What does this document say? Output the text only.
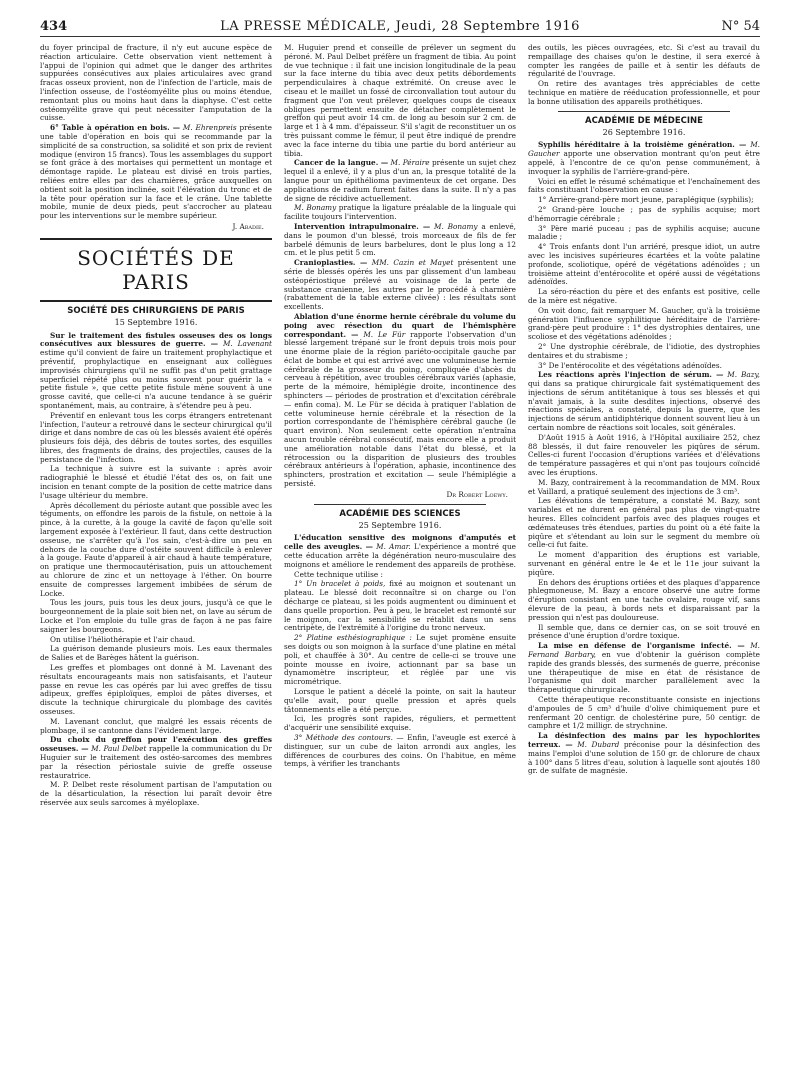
434	LA PRESSE MÉDICALE, Jeudi, 28 Septembre 1916	N° 54

du foyer principal de fracture, il n'y eut aucune espèce de réaction articulaire. Cette observation vient nettement à l'appui de l'opinion qui admet que le danger des arthrites suppurées consécutives aux plaies articulaires avec grand fracas osseux provient, non de l'infection de l'article, mais de l'infection osseuse, de l'ostéomyélite plus ou moins étendue, remontant plus ou moins haut dans la diaphyse. C'est cette ostéomyélite grave qui peut nécessiter l'amputation de la cuisse.

6° Table à opération en bois. — M. Ehrenpreis présente une table d'opération en bois qui se recommande par la simplicité de sa construction, sa solidité et son prix de revient modique (environ 15 francs). Tous les assemblages du support se font grâce à des mortaises qui permettent un montage et démontage rapide. Le plateau est divisé en trois parties, reliées entre elles par des charnières, grâce auxquelles on obtient soit la position inclinée, soit l'élévation du tronc et de la tête pour opération sur la face et le crâne. Une tablette mobile, munie de deux pieds, peut s'accrocher au plateau pour les interventions sur le membre supérieur.

J. Abadie.
SOCIÉTÉS DE PARIS
SOCIÉTÉ DES CHIRURGIENS DE PARIS
15 Septembre 1916.

Sur le traitement des fistules osseuses des os longs consécutives aux blessures de guerre. — M. Lavenant estime qu'il convient de faire un traitement prophylactique et préventif, prophylactique en enseignant aux collègues improvisés chirurgiens qu'il ne suffit pas d'un petit grattage superficiel répété plus ou moins souvent pour guérir la « petite fistule », que cette petite fistule mène souvent à une grosse cavité, que celle-ci n'a aucune tendance à se guérir spontanément, mais, au contraire, à s'étendre peu à peu.

Préventif en enlevant tous les corps étrangers entretenant l'infection, l'auteur a retrouvé dans le secteur chirurgical qu'il dirige et dans nombre de cas où les blessés avaient été opérés plusieurs fois déjà, des débris de toutes sortes, des esquilles libres, des fragments de drains, des projectiles, causes de la persistance de l'infection.

La technique à suivre est la suivante : après avoir radiographié le blessé et étudié l'état des os, on fait une incision en tenant compte de la position de cette matrice dans l'usage ultérieur du membre.

Après décollement du périoste autant que possible avec les téguments, on effondre les parois de la fistule, on nettoie à la pince, à la curette, à la gouge la cavité de façon qu'elle soit largement exposée à l'extérieur. Il faut, dans cette destruction osseuse, ne s'arrêter qu'à l'os sain, c'est-à-dire un peu en dehors de la couche dure d'ostéite souvent difficile à enlever à la gouge. Faute d'appareil à air chaud à haute température, on pratique une thermocautérisation, puis un attouchement au chlorure de zinc et un nettoyage à l'éther. On bourre ensuite de compresses largement imbibées de sérum de Locke.

Tous les jours, puis tous les deux jours, jusqu'à ce que le bourgeonnement de la plaie soit bien net, on lave au sérum de Locke et l'on emploie du tulle gras de façon à ne pas faire saigner les bourgeons.

On utilise l'héliothérapie et l'air chaud.

La guérison demande plusieurs mois. Les eaux thermales de Salies et de Barèges hâtent la guérison.

Les greffes et plombages ont donné à M. Lavenant des résultats encourageants mais non satisfaisants, et l'auteur passe en revue les cas opérés par lui avec greffes de tissu adipeux, greffes épiploïques, emploi de pâtes diverses, et discute la technique chirurgicale du plombage des cavités osseuses.

M. Lavenant conclut, que malgré les essais récents de plombage, il se cantonne dans l'évidement large.

Du choix du greffon pour l'exécution des greffes osseuses. — M. Paul Delbet rappelle la communication du Dr Huguier sur le traitement des ostéo-sarcomes des membres par la résection périostale suivie de greffe osseuse restauratrice.

M. P. Delbet reste résolument partisan de l'amputation ou de la désarticulation, la résection lui paraît devoir être réservée aux seuls sarcomes à myéloplaxe.

M. Huguier prend et conseille de prélever un segment du péroné. M. Paul Delbet préfère un fragment de tibia. Au point de vue technique : il fait une incision longitudinale de la peau sur la face interne du tibia avec deux petits débordements perpendiculaires à chaque extrémité. On creuse avec le ciseau et le maillet un fossé de circonvallation tout autour du fragment que l'on veut prélever, quelques coups de ciseaux obliques permettent ensuite de détacher complètement le greffon qui peut avoir 14 cm. de long au besoin sur 2 cm. de large et 1 à 4 mm. d'épaisseur. S'il s'agit de reconstituer un os très puissant comme le fémur, il peut être indiqué de prendre avec la face interne du tibia une partie du bord antérieur au tibia.

Cancer de la langue. — M. Péraire présente un sujet chez lequel il a enlevé, il y a plus d'un an, la presque totalité de la langue pour un épithélioma pavimenteux de cet organe. Des applications de radium furent faites dans la suite. Il n'y a pas de signe de récidive actuellement.

M. Bonamy pratique la ligature préalable de la linguale qui facilite toujours l'intervention.

Intervention intrapulmonaire. — M. Bonamy a enlevé, dans le poumon d'un blessé, trois morceaux de fils de fer barbelé démunis de leurs barbelures, dont le plus long a 12 cm. et le plus petit 5 cm.

Cranioplasties. — MM. Cazin et Mayet présentent une série de blessés opérés les uns par glissement d'un lambeau ostéopériostique prélevé au voisinage de la perte de substance cranienne, les autres par le procédé à charnière (rabattement de la table externe clivée) : les résultats sont excellents.

Ablation d'une énorme hernie cérébrale du volume du poing avec résection du quart de l'hémisphère correspondant. — M. Le Für rapporte l'observation d'un blessé largement trépané sur le front depuis trois mois pour une énorme plaie de la région pariéto-occipitale gauche par éclat de bombe et qui est arrivé avec une volumineuse hernie cérébrale de la grosseur du poing, compliquée d'abcès du cerveau à répétition, avec troubles cérébraux variés (aphasie, perte de la mémoire, hémiplégie droite, incontinence des sphincters — périodes de prostration et d'excitation cérébrale — enfin coma). M. Le Für se décida à pratiquer l'ablation de cette volumineuse hernie cérébrale et la résection de la portion correspondante de l'hémisphère cérébral gauche (le quart environ). Non seulement cette opération n'entraîna aucun trouble cérébral consécutif, mais encore elle a produit une amélioration notable dans l'état du blessé, et la rétrocession ou la disparition de plusieurs des troubles cérébraux antérieurs à l'opération, aphasie, incontinence des sphincters, prostration et excitation — seule l'hémiplégie a persisté.

Dr Robert Loewy.
ACADÉMIE DES SCIENCES
25 Septembre 1916.

L'éducation sensitive des moignons d'amputés et celle des aveugles. — M. Amar. L'expérience a montré que cette éducation arrête la dégénération neuro-musculaire des moignons et améliore le rendement des appareils de prothèse.

Cette technique utilise :

1° Un bracelet à poids, fixé au moignon et soutenant un plateau. Le blessé doit reconnaître si on charge ou l'on décharge ce plateau, si les poids augmentent ou diminuent et dans quelle proportion. Peu à peu, le bracelet est remonté sur le moignon, car la sensibilité se rétablit dans un sens centripète, de l'extrémité à l'origine du tronc nerveux.

2° Platine esthésiographique : Le sujet promène ensuite ses doigts ou son moignon à la surface d'une platine en métal poli, et chauffée à 30°. Au centre de celle-ci se trouve une pointe mousse en ivoire, actionnant par sa base un dynamomètre inscripteur, et réglée par une vis micrométrique.

Lorsque le patient a décelé la pointe, on sait la hauteur qu'elle avait, pour quelle pression et après quels tâtonnements elle a été perçue.

Ici, les progrès sont rapides, réguliers, et permettent d'acquérir une sensibilité exquise.

3° Méthode des contours. — Enfin, l'aveugle est exercé à distinguer, sur un cube de laiton arrondi aux angles, les différences de courbures des coins. On l'habitue, en même temps, à vérifier les tranchants

des outils, les pièces ouvragées, etc. Si c'est au travail du rempaillage des chaises qu'on le destine, il sera exercé à compter les rangées de paille et à sentir les défauts de régularité de l'ouvrage.

On retire des avantages très appréciables de cette technique en matière de rééducation professionnelle, et pour la bonne utilisation des appareils prothétiques.

ACADÉMIE DE MÉDECINE
26 Septembre 1916.

Syphilis héréditaire à la troisième génération. — M. Gaucher apporte une observation montrant qu'on peut être appelé, à l'encontre de ce qu'on pense communément, à invoquer la syphilis de l'arrière-grand-père.

Voici en effet le résumé schématique et l'enchaînement des faits constituant l'observation en cause :

1° Arrière-grand-père mort jeune, paraplégique (syphilis);

2° Grand-père louche ; pas de syphilis acquise; mort d'hémorragie cérébrale ;

3° Père marié puceau ; pas de syphilis acquise; aucune maladie ;

4° Trois enfants dont l'un arriéré, presque idiot, un autre avec les incisives supérieures écartées et la voûte palatine profonde, scoliotique, opéré de végétations adénoïdes ; un troisième atteint d'entérocolite et opéré aussi de végétations adénoïdes.

La séro-réaction du père et des enfants est positive, celle de la mère est négative.

On voit donc, fait remarquer M. Gaucher, qu'à la troisième génération l'influence syphilitique héréditaire de l'arrière-grand-père peut produire : 1° des dystrophies dentaires, une scoliose et des végétations adénoïdes ;

2° Une dystrophie cérébrale, de l'idiotie, des dystrophies dentaires et du strabisme ;

3° De l'entérocolite et des végétations adénoïdes.

Les réactions après l'injection de sérum. — M. Bazy, qui dans sa pratique chirurgicale fait systématiquement des injections de sérum antitétanique à tous ses blessés et qui n'avait jamais, à la suite desdites injections, observé des réactions spéciales, a constaté, depuis la guerre, que les injections de sérum antidiphtérique donnent souvent lieu à un certain nombre de réactions soit locales, soit générales.

D'Août 1915 à Août 1916, à l'Hôpital auxiliaire 252, chez 88 blessés, il dut faire renouveler les piqûres de sérum. Celles-ci furent l'occasion d'éruptions variées et d'élévations de température passagères et qui n'ont pas toujours coïncidé avec les éruptions.

M. Bazy, contrairement à la recommandation de MM. Roux et Vaillard, a pratiqué seulement des injections de 3 cm³.

Les élévations de température, a constaté M. Bazy, sont variables et ne durent en général pas plus de vingt-quatre heures. Elles coïncident parfois avec des plaques rouges et œdémateuses très étendues, parties du point où a été faite la piqûre et s'étendant au loin sur le segment du membre où celle-ci fut faite.

Le moment d'apparition des éruptions est variable, survenant en général entre le 4e et le 11e jour suivant la piqûre.

En dehors des éruptions ortiées et des plaques d'apparence phlegmoneuse, M. Bazy a encore observé une autre forme d'éruption consistant en une tache ovalaire, rouge vif, sans élevure de la peau, à bords nets et disparaissant par la pression qui n'est pas douloureuse.

Il semble que, dans ce dernier cas, on se soit trouvé en présence d'une éruption d'ordre toxique.

La mise en défense de l'organisme infecté. — M. Fernand Barbary, en vue d'obtenir la guérison complète rapide des grands blessés, des surmenés de guerre, préconise une thérapeutique de mise en état de résistance de l'organisme qui doit marcher parallèlement avec la thérapeutique chirurgicale.

Cette thérapeutique reconstituante consiste en injections d'ampoules de 5 cm³ d'huile d'olive chimiquement pure et renfermant 20 centigr. de cholestérine pure, 50 centigr. de camphre et 1/2 milligr. de strychnine.

La désinfection des mains par les hypochlorites terreux. — M. Dubard préconise pour la désinfection des mains l'emploi d'une solution de 150 gr. de chlorure de chaux à 100° dans 5 litres d'eau, solution à laquelle sont ajoutés 180 gr. de sulfate de magnésie.
